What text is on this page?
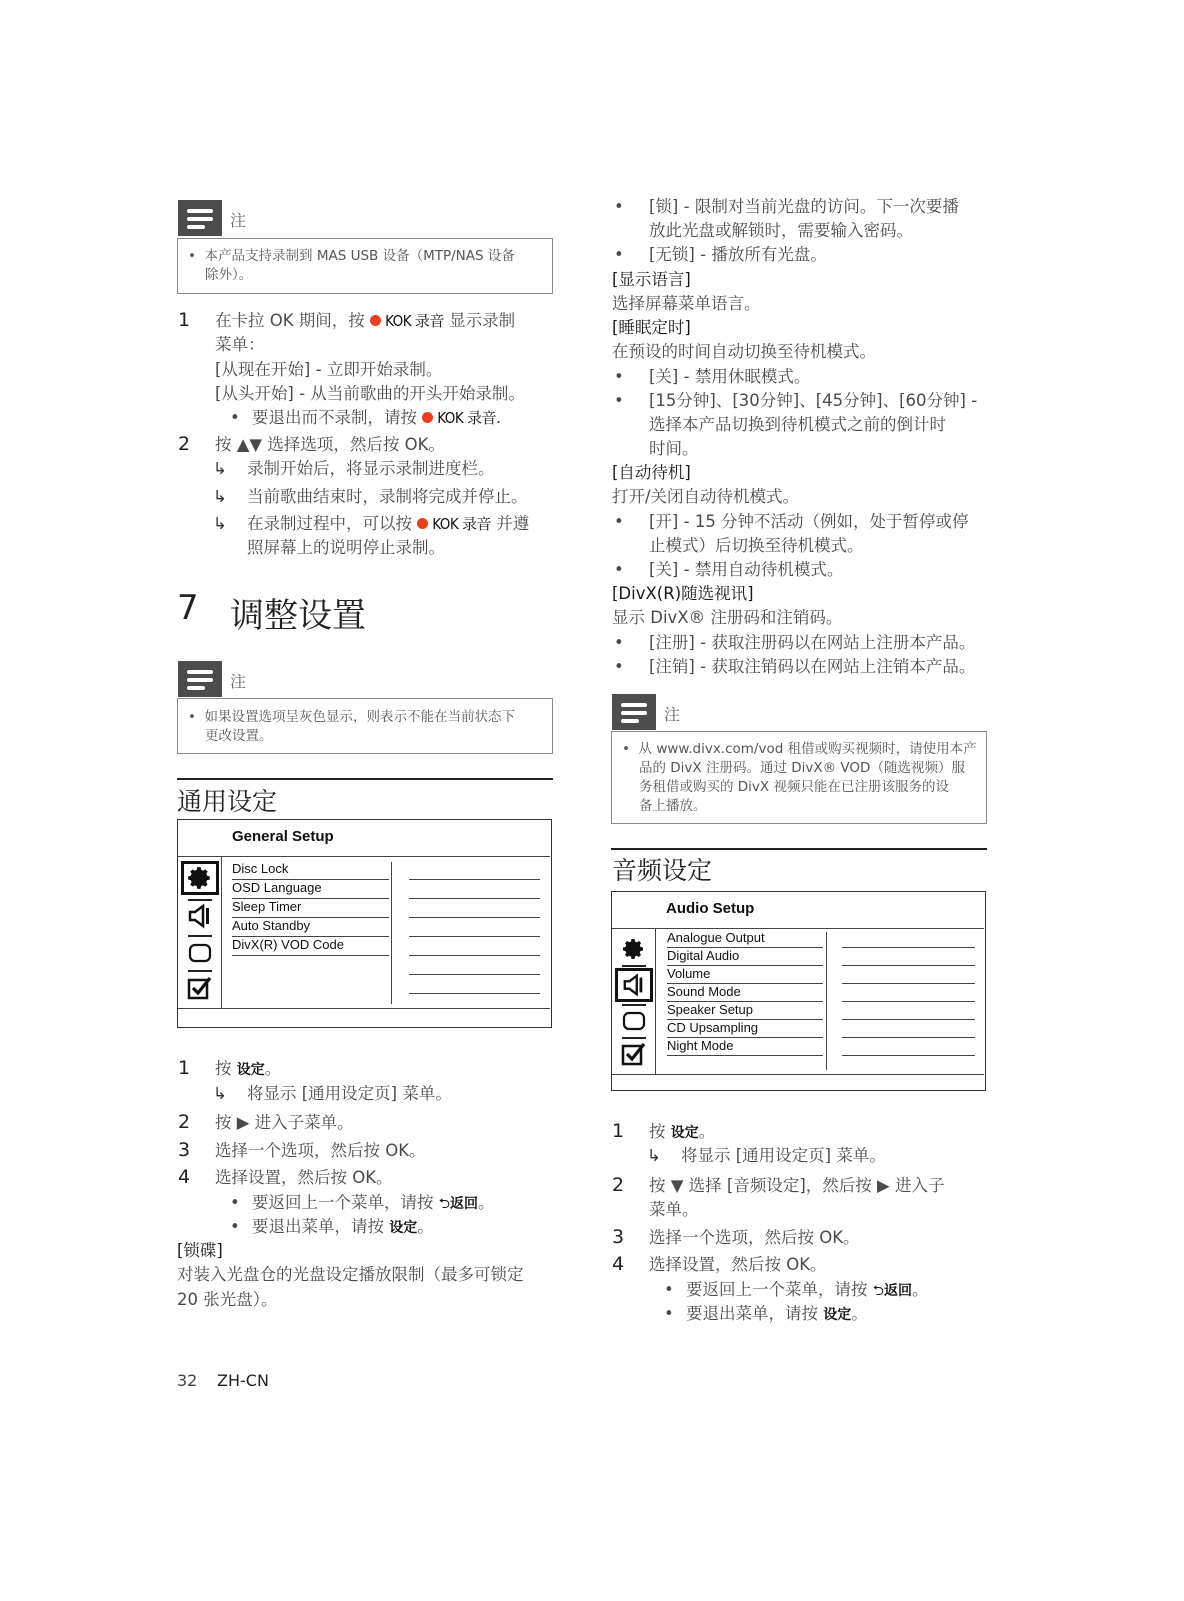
注
•  本产品支持录制到 MAS USB 设备（MTP/NAS 设备
除外）。
1 在卡拉 OK 期间，按 KOK 录音 显示录制
菜单：
[从现在开始] - 立即开始录制。
[从头开始] - 从当前歌曲的开头开始录制。
• 要退出而不录制，请按 KOK 录音.
2 按 ▲▼ 选择选项，然后按 OK。
↳ 录制开始后，将显示录制进度栏。
↳ 当前歌曲结束时，录制将完成并停止。
↳ 在录制过程中，可以按 KOK 录音 并遵
照屏幕上的说明停止录制。
7 调整设置
注
•  如果设置选项呈灰色显示，则表示不能在当前状态下
更改设置。
通用设定
General Setup
Disc Lock
OSD Language
Sleep Timer
Auto Standby
DivX(R) VOD Code
1 按 设定。
↳ 将显示 [通用设定页] 菜单。
2 按 ▶ 进入子菜单。
3 选择一个选项，然后按 OK。
4 选择设置，然后按 OK。
• 要返回上一个菜单，请按 ⮌返回。
• 要退出菜单，请按 设定。
[锁碟]
对装入光盘仓的光盘设定播放限制（最多可锁定
20 张光盘）。
32 ZH-CN
• [锁] - 限制对当前光盘的访问。下一次要播
放此光盘或解锁时，需要输入密码。
• [无锁] - 播放所有光盘。
[显示语言]
选择屏幕菜单语言。
[睡眠定时]
在预设的时间自动切换至待机模式。
• [关] - 禁用休眠模式。
• [15分钟]、[30分钟]、[45分钟]、[60分钟] -
选择本产品切换到待机模式之前的倒计时
时间。
[自动待机]
打开/关闭自动待机模式。
• [开] - 15 分钟不活动（例如，处于暂停或停
止模式）后切换至待机模式。
• [关] - 禁用自动待机模式。
[DivX(R)随选视讯]
显示 DivX® 注册码和注销码。
• [注册] - 获取注册码以在网站上注册本产品。
• [注销] - 获取注销码以在网站上注销本产品。
注
•  从 www.divx.com/vod 租借或购买视频时，请使用本产
品的 DivX 注册码。通过 DivX® VOD（随选视频）服
务租借或购买的 DivX 视频只能在已注册该服务的设
备上播放。
音频设定
Audio Setup
Analogue Output
Digital Audio
Volume
Sound Mode
Speaker Setup
CD Upsampling
Night Mode
1 按 设定。
↳ 将显示 [通用设定页] 菜单。
2 按 ▼ 选择 [音频设定]，然后按 ▶ 进入子
菜单。
3 选择一个选项，然后按 OK。
4 选择设置，然后按 OK。
• 要返回上一个菜单，请按 ⮌返回。
• 要退出菜单，请按 设定。
